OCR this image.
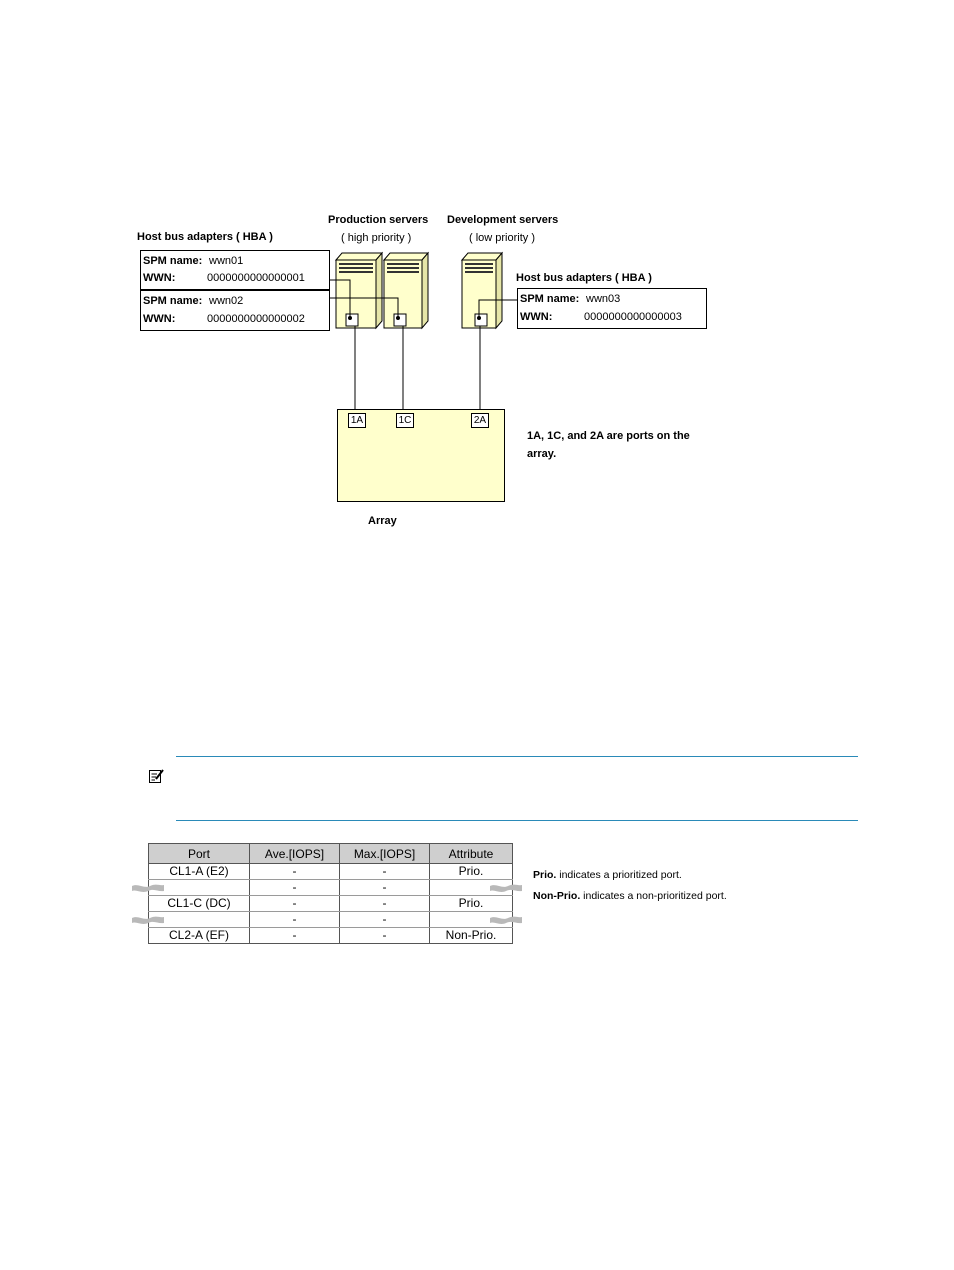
Production servers
( high priority )
Development servers
( low priority )
Host bus adapters ( HBA )
Host bus adapters ( HBA )
SPM name: wwn01
WWN:	0000000000000001
SPM name: wwn02
WWN:	0000000000000002
SPM name: wwn03
WWN:	0000000000000003
1A	1C	2A
Array
1A, 1C, and 2A are ports on the
array.
Port	Ave.[IOPS]	Max.[IOPS]	Attribute
CL1-A (E2)	-	-	Prio.
	-	-	
CL1-C (DC)	-	-	Prio.
	-	-	
CL2-A (EF)	-	-	Non-Prio.
Prio. indicates a prioritized port.
Non-Prio. indicates a non-prioritized port.
